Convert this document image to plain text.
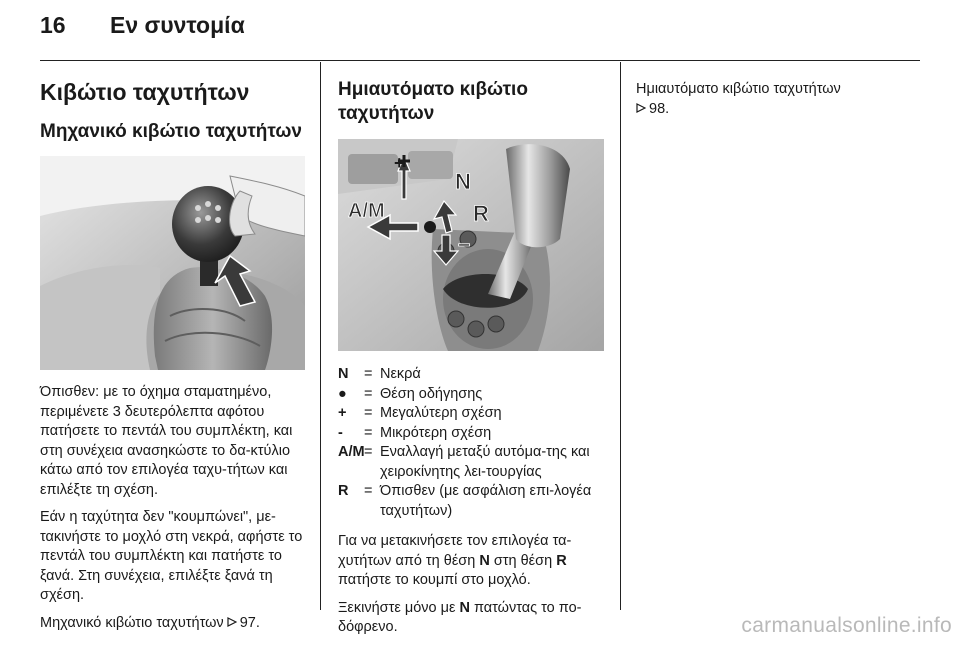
16 Εν συντομία
Κιβώτιο ταχυτήτων
Μηχανικό κιβώτιο ταχυτήτων

Όπισθεν: με το όχημα σταματημένο, περιμένετε 3 δευτερόλεπτα αφότου πατήσετε το πεντάλ του συμπλέκτη, και στη συνέχεια ανασηκώστε το δα-κτύλιο κάτω από τον επιλογέα ταχυ-τήτων και επιλέξτε τη σχέση.

Εάν η ταχύτητα δεν "κουμπώνει", με-τακινήστε το μοχλό στη νεκρά, αφήστε το πεντάλ του συμπλέκτη και πατήστε το ξανά. Στη συνέχεια, επιλέξτε ξανά τη σχέση.

Μηχανικό κιβώτιο ταχυτήτων 97.

Ημιαυτόματο κιβώτιο ταχυτήτων
A/M
N
R
–
+
N	= Νεκρά
●	= Θέση οδήγησης
+	= Μεγαλύτερη σχέση
-	= Μικρότερη σχέση
A/M = Εναλλαγή μεταξύ αυτόμα-της και χειροκίνητης λει-τουργίας
R	= Όπισθεν (με ασφάλιση επι-λογέα ταχυτήτων)

Για να μετακινήσετε τον επιλογέα τα-χυτήτων από τη θέση N στη θέση R πατήστε το κουμπί στο μοχλό.

Ξεκινήστε μόνο με N πατώντας το πο-δόφρενο.

Ημιαυτόματο κιβώτιο ταχυτήτων
98.

carmanualsonline.info
